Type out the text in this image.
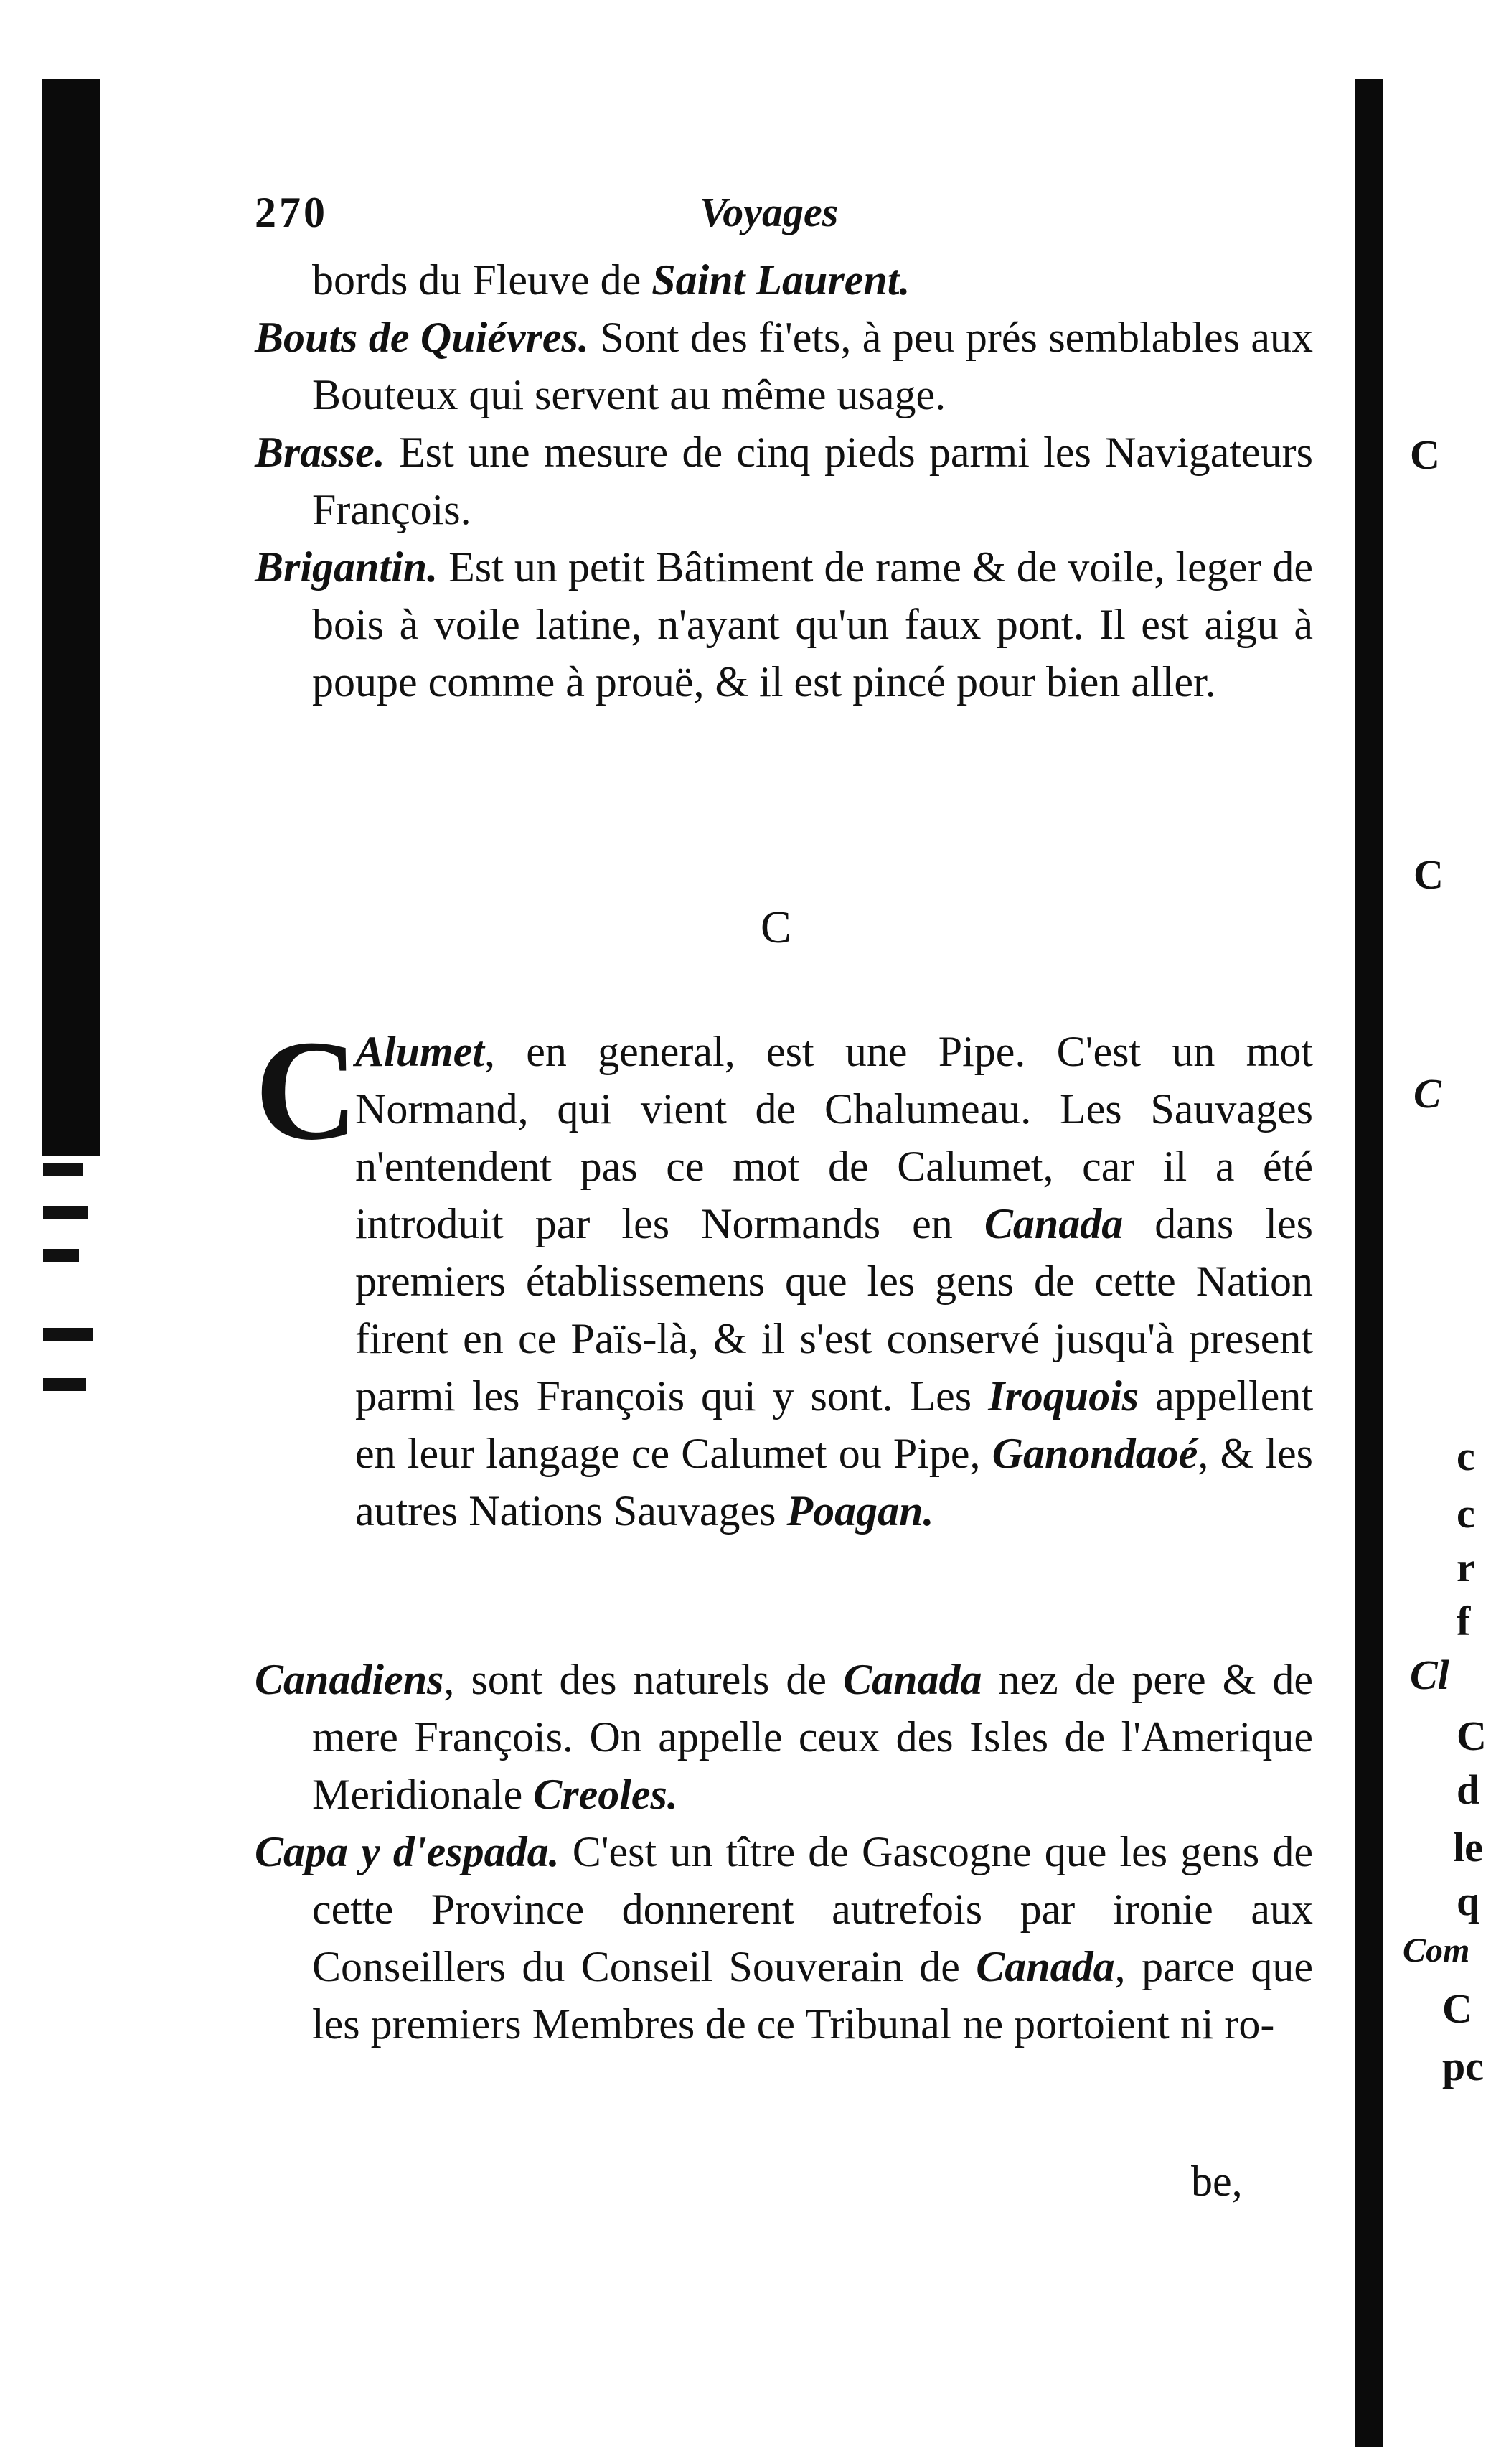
C
C
C
c
c
r
f
Cl
C
d
le
q
Com
C
pc
270	Voyages

bords du Fleuve de Saint Laurent.

Bouts de Quiévres. Sont des fi'ets, à peu prés semblables aux Bouteux qui servent au même usage.

Brasse. Est une mesure de cinq pieds parmi les Navigateurs François.

Brigantin. Est un petit Bâtiment de rame & de voile, leger de bois à voile latine, n'ayant qu'un faux pont. Il est aigu à poupe comme à prouë, & il est pincé pour bien aller.

C
C

Alumet, en general, est une Pipe. C'est un mot Normand, qui vient de Chalumeau. Les Sauvages n'entendent pas ce mot de Calumet, car il a été introduit par les Normands en Canada dans les premiers établissemens que les gens de cette Nation firent en ce Païs-là, & il s'est conservé jusqu'à present parmi les François qui y sont. Les Iroquois appellent en leur langage ce Calumet ou Pipe, Ganondaoé, & les autres Nations Sauvages Poagan.

Canadiens, sont des naturels de Canada nez de pere & de mere François. On appelle ceux des Isles de l'Amerique Meridionale Creoles.

Capa y d'espada. C'est un tître de Gascogne que les gens de cette Province donnerent autrefois par ironie aux Conseillers du Conseil Souverain de Canada, parce que les premiers Membres de ce Tribunal ne portoient ni ro-

be,
